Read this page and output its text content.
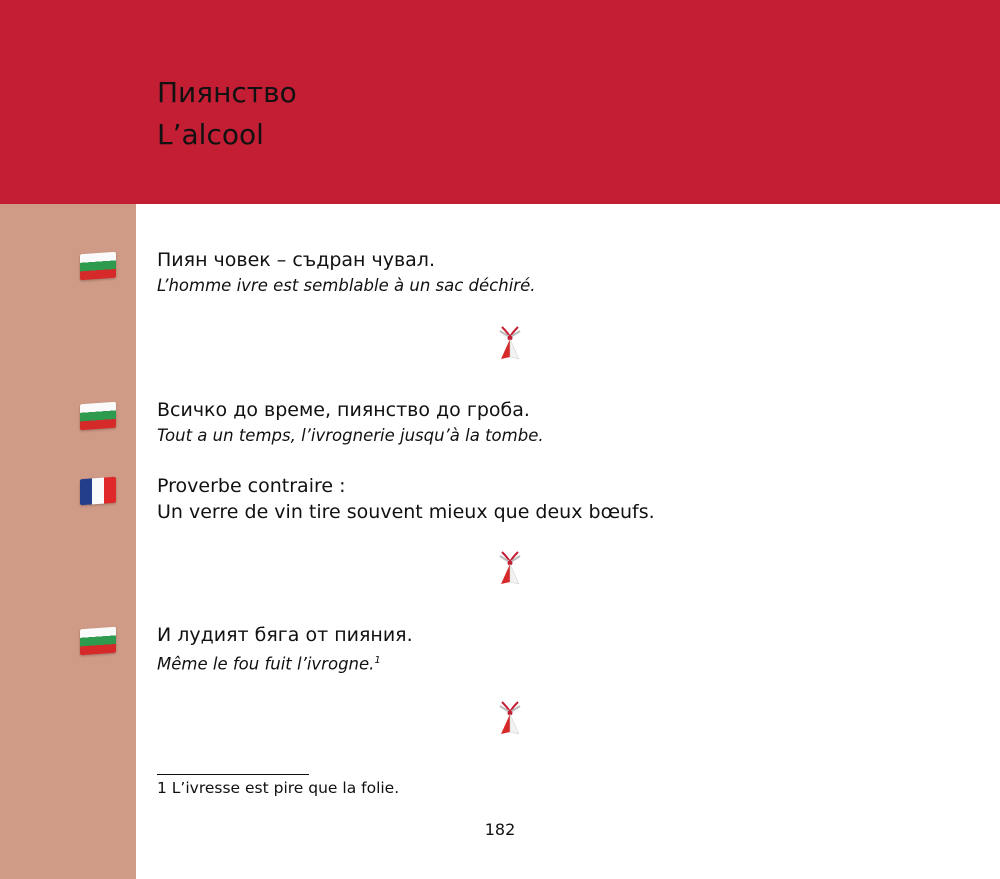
Пиянство
L’alcool
Пиян човек – съдран чувал.
L’homme ivre est semblable à un sac déchiré.
Всичко до време, пиянство до гроба.
Tout a un temps, l’ivrognerie jusqu’à la tombe.
Proverbe contraire :
Un verre de vin tire souvent mieux que deux bœufs.
И лудият бяга от пияния.
Même le fou fuit l’ivrogne.$^1$
1 L’ivresse est pire que la folie.
182
